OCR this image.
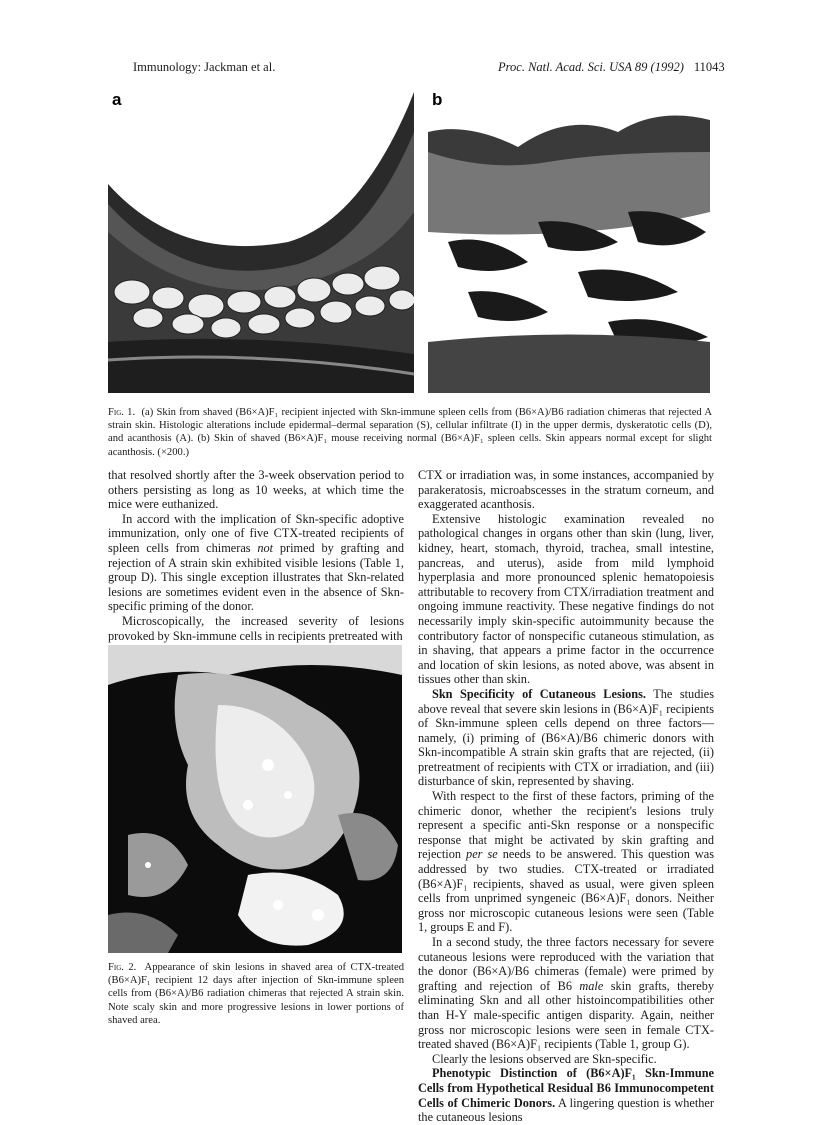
Immunology: Jackman et al.	Proc. Natl. Acad. Sci. USA 89 (1992) 11043
a	b
Fig. 1. (a) Skin from shaved (B6×A)F₁ recipient injected with Skn-immune spleen cells from (B6×A)/B6 radiation chimeras that rejected A strain skin. Histologic alterations include epidermal–dermal separation (S), cellular infiltrate (I) in the upper dermis, dyskeratotic cells (D), and acanthosis (A). (b) Skin of shaved (B6×A)F₁ mouse receiving normal (B6×A)F₁ spleen cells. Skin appears normal except for slight acanthosis. (×200.)

that resolved shortly after the 3-week observation period to others persisting as long as 10 weeks, at which time the mice were euthanized.

In accord with the implication of Skn-specific adoptive immunization, only one of five CTX-treated recipients of spleen cells from chimeras not primed by grafting and rejection of A strain skin exhibited visible lesions (Table 1, group D). This single exception illustrates that Skn-related lesions are sometimes evident even in the absence of Skn-specific priming of the donor.

Microscopically, the increased severity of lesions provoked by Skn-immune cells in recipients pretreated with

Fig. 2. Appearance of skin lesions in shaved area of CTX-treated (B6×A)F₁ recipient 12 days after injection of Skn-immune spleen cells from (B6×A)/B6 radiation chimeras that rejected A strain skin. Note scaly skin and more progressive lesions in lower portions of shaved area.

CTX or irradiation was, in some instances, accompanied by parakeratosis, microabscesses in the stratum corneum, and exaggerated acanthosis.

Extensive histologic examination revealed no pathological changes in organs other than skin (lung, liver, kidney, heart, stomach, thyroid, trachea, small intestine, pancreas, and uterus), aside from mild lymphoid hyperplasia and more pronounced splenic hematopoiesis attributable to recovery from CTX/irradiation treatment and ongoing immune reactivity. These negative findings do not necessarily imply skin-specific autoimmunity because the contributory factor of nonspecific cutaneous stimulation, as in shaving, that appears a prime factor in the occurrence and location of skin lesions, as noted above, was absent in tissues other than skin.

Skn Specificity of Cutaneous Lesions. The studies above reveal that severe skin lesions in (B6×A)F₁ recipients of Skn-immune spleen cells depend on three factors—namely, (i) priming of (B6×A)/B6 chimeric donors with Skn-incompatible A strain skin grafts that are rejected, (ii) pretreatment of recipients with CTX or irradiation, and (iii) disturbance of skin, represented by shaving.

With respect to the first of these factors, priming of the chimeric donor, whether the recipient's lesions truly represent a specific anti-Skn response or a nonspecific response that might be activated by skin grafting and rejection per se needs to be answered. This question was addressed by two studies. CTX-treated or irradiated (B6×A)F₁ recipients, shaved as usual, were given spleen cells from unprimed syngeneic (B6×A)F₁ donors. Neither gross nor microscopic cutaneous lesions were seen (Table 1, groups E and F).

In a second study, the three factors necessary for severe cutaneous lesions were reproduced with the variation that the donor (B6×A)/B6 chimeras (female) were primed by grafting and rejection of B6 male skin grafts, thereby eliminating Skn and all other histoincompatibilities other than H-Y male-specific antigen disparity. Again, neither gross nor microscopic lesions were seen in female CTX-treated shaved (B6×A)F₁ recipients (Table 1, group G).

Clearly the lesions observed are Skn-specific.

Phenotypic Distinction of (B6×A)F₁ Skn-Immune Cells from Hypothetical Residual B6 Immunocompetent Cells of Chimeric Donors. A lingering question is whether the cutaneous lesions
